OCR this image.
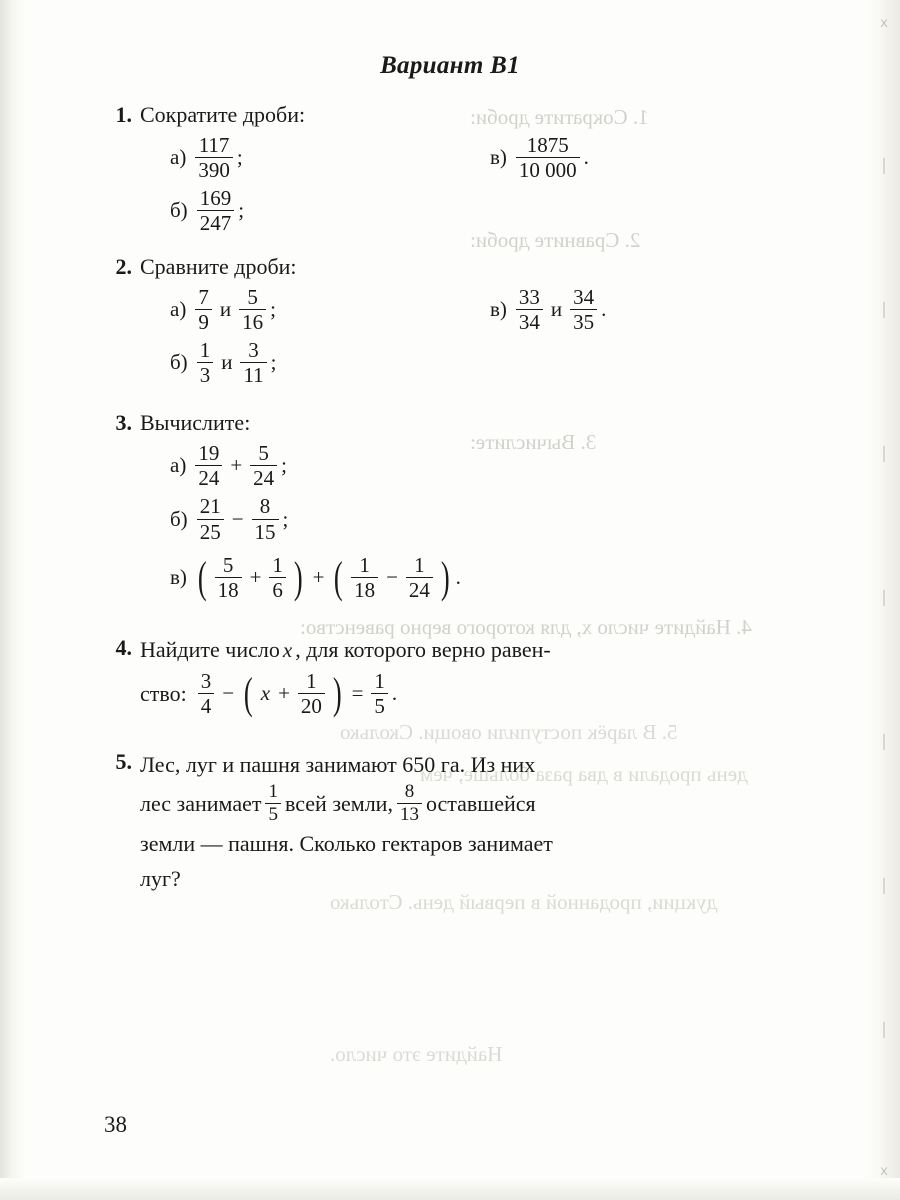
X
X
1. Сократите дроби:
2. Сравните дроби:
3. Вычислите:
4. Найдите число x, для которого верно равенство:
5. В ларёк поступили овощи. Сколько
день продали в два раза больше, чем
дукции, проданной в первый день. Столько
Найдите это число.
Вариант В1
1. Сократите дроби:
$а) \frac{117}{390}$ ;
$б) \frac{169}{247}$ ;
$в) \frac{1875}{10 000}$ .
2. Сравните дроби:
$а) \frac{7}{9}$ и $\frac{5}{16}$ ;
$б) \frac{1}{3}$ и $\frac{3}{11}$ ;
$в) \frac{33}{34}$ и $\frac{34}{35}$ .
3. Вычислите:
$а) \frac{19}{24} + \frac{5}{24}$ ;
$б) \frac{21}{25} - \frac{8}{15}$ ;
в) ( $\frac{5}{18} + \frac{1}{6}$ ) + ( $\frac{1}{18} - \frac{1}{24}$ ) .
4. Найдите число x , для которого верно равен-
ство: $\frac{3}{4}$ − ( $x + \frac{1}{20}$ ) = $\frac{1}{5}$ .
5. Лес, луг и пашня занимают 650 га. Из них
лес занимает $\frac{1}{5}$ всей земли, $\frac{8}{13}$ оставшейся
земли — пашня. Сколько гектаров занимает
луг?
38
